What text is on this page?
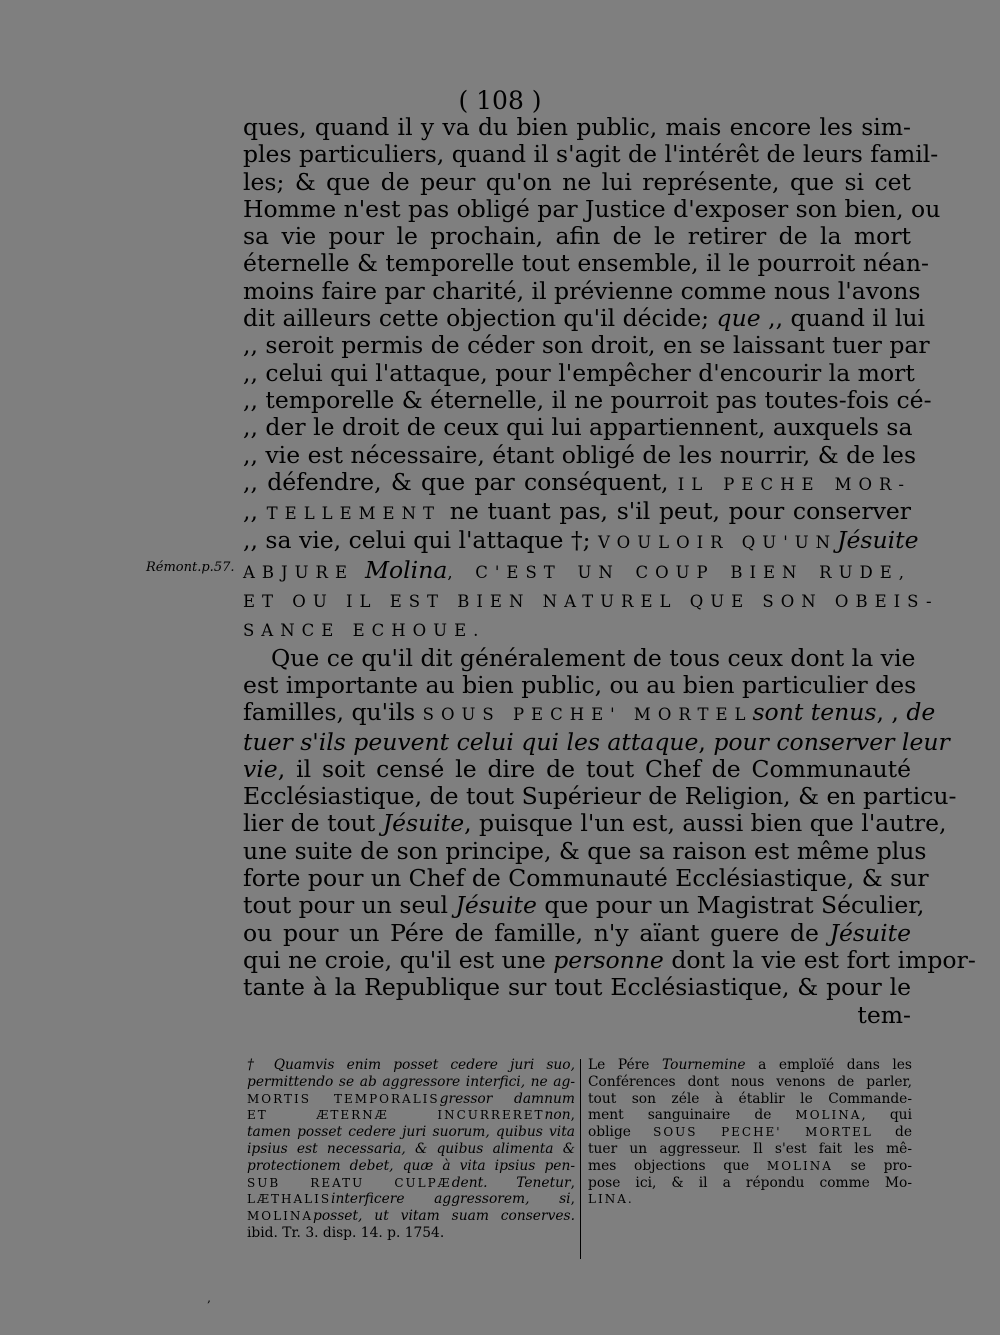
( 108 )
Rémont.p.57.
ques, quand il y va du bien public, mais encore les sim-
ples particuliers, quand il s'agit de l'intérêt de leurs famil-
les; & que de peur qu'on ne lui représente, que si cet
Homme n'est pas obligé par Justice d'exposer son bien, ou
sa vie pour le prochain, afin de le retirer de la mort
éternelle & temporelle tout ensemble, il le pourroit néan-
moins faire par charité, il prévienne comme nous l'avons
dit ailleurs cette objection qu'il décide; que ,, quand il lui
,, seroit permis de céder son droit, en se laissant tuer par
,, celui qui l'attaque, pour l'empêcher d'encourir la mort
,, temporelle & éternelle, il ne pourroit pas toutes-fois cé-
,, der le droit de ceux qui lui appartiennent, auxquels sa
,, vie est nécessaire, étant obligé de les nourrir, & de les
,, défendre, & que par conséquent, IL PECHE MOR-
,, TELLEMENT ne tuant pas, s'il peut, pour conserver
,, sa vie, celui qui l'attaque †; VOULOIR QU'UNJésuite
ABJURE Molina, C'EST UN COUP BIEN RUDE,
ET OU IL EST BIEN NATUREL QUE SON OBEIS-
SANCE ECHOUE.
Que ce qu'il dit généralement de tous ceux dont la vie
est importante au bien public, ou au bien particulier des
familles, qu'ils SOUS PECHE' MORTELsont tenus, , de
tuer s'ils peuvent celui qui les attaque, pour conserver leur
vie, il soit censé le dire de tout Chef de Communauté
Ecclésiastique, de tout Supérieur de Religion, & en particu-
lier de tout Jésuite, puisque l'un est, aussi bien que l'autre,
une suite de son principe, & que sa raison est même plus
forte pour un Chef de Communauté Ecclésiastique, & sur
tout pour un seul Jésuite que pour un Magistrat Séculier,
ou pour un Pére de famille, n'y aïant guere de Jésuite
qui ne croie, qu'il est une personne dont la vie est fort impor-
tante à la Republique sur tout Ecclésiastique, & pour le
tem-
† Quamvis enim posset cedere juri suo,
permittendo se ab aggressore interfici, ne ag-
MORTIS TEMPORALISgressor damnum
ET ÆTERNÆ INCURRERETnon,
tamen posset cedere juri suorum, quibus vita
ipsius est necessaria, & quibus alimenta &
protectionem debet, quæ à vita ipsius pen-
SUB REATU CULPÆdent. Tenetur,
LÆTHALISinterficere aggressorem, si,
MOLINAposset, ut vitam suam conserves.
ibid. Tr. 3. disp. 14. p. 1754.
Le Pére Tournemine a emploïé dans les
Conférences dont nous venons de parler,
tout son zéle à établir le Commande-
ment sanguinaire de MOLINA, qui
oblige SOUS PECHE' MORTEL de
tuer un aggresseur. Il s'est fait les mê-
mes objections que MOLINA se pro-
pose ici, & il a répondu comme Mo-
LINA.
‚
